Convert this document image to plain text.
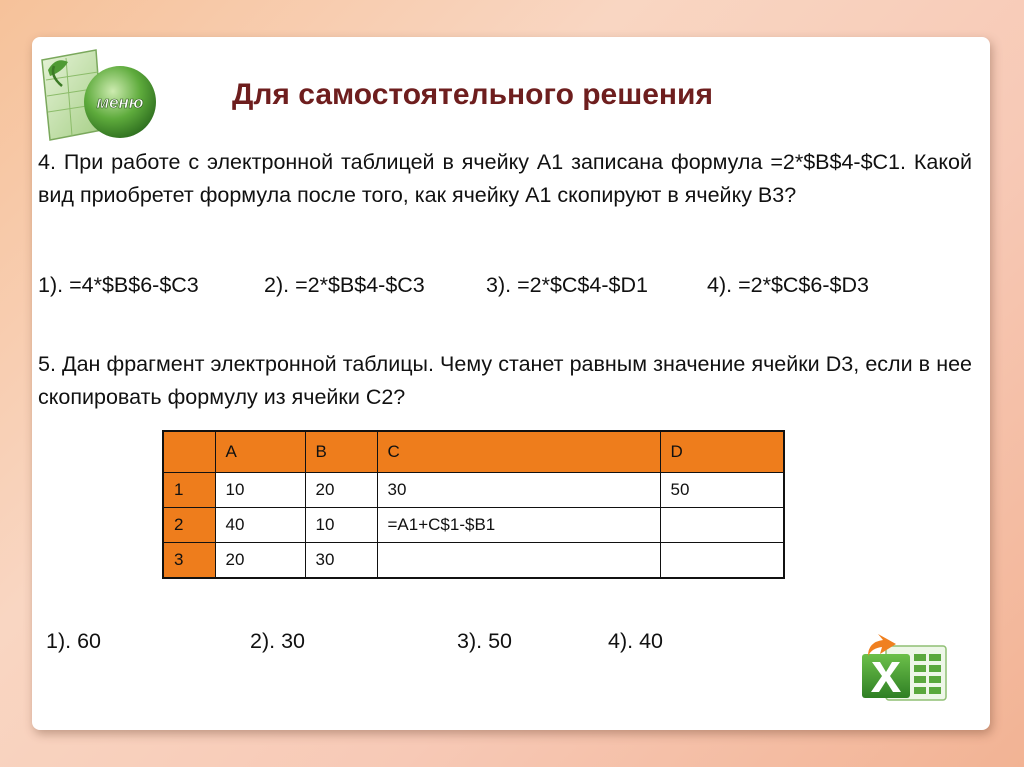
меню	Для самостоятельного решения

4. При работе с электронной таблицей в ячейку А1 записана формула =2*$В$4-$С1. Какой вид приобретет формула после того, как ячейку А1 скопируют в ячейку В3?

1). =4*$В$6-$С3	2). =2*$В$4-$С3	3). =2*$С$4-$D1	4). =2*$С$6-$D3

5. Дан фрагмент электронной таблицы. Чему станет равным значение ячейки D3, если в нее скопировать формулу из ячейки С2?

	A	B	C	D
1	10	20	30	50
2	40	10	=A1+C$1-$B1	
3	20	30		
1). 60	2). 30	3). 50	4). 40
